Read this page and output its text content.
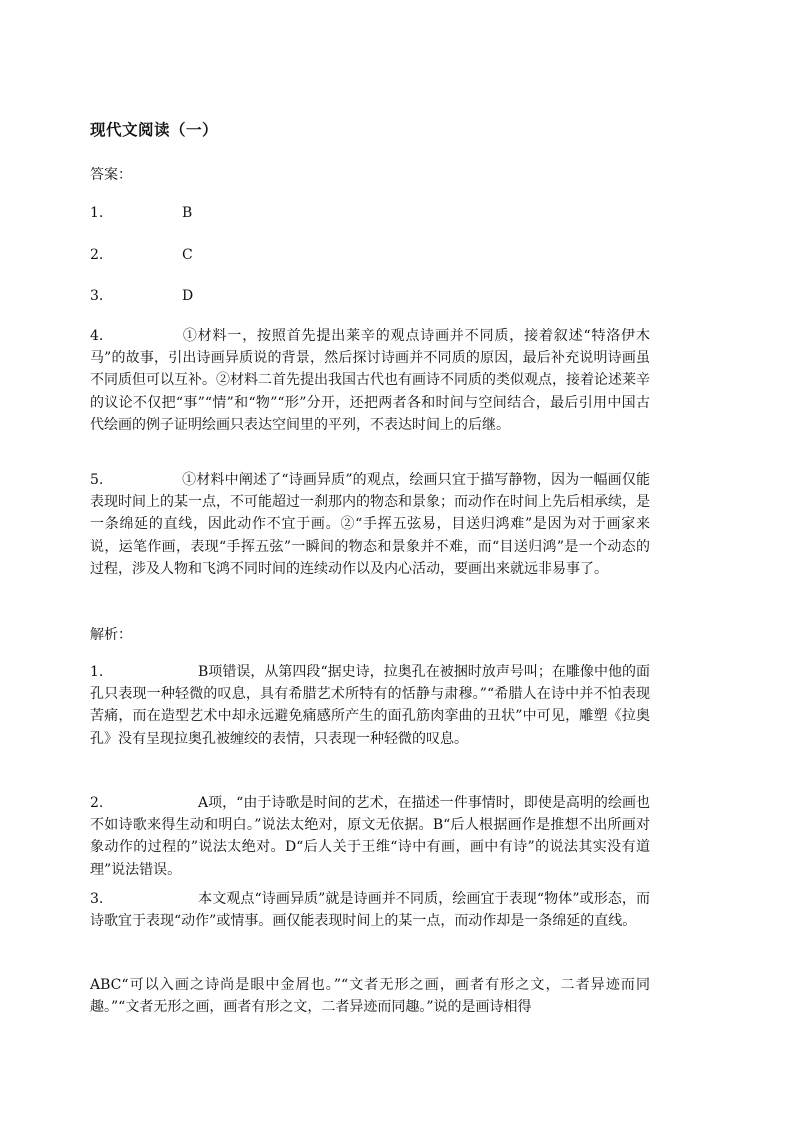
现代文阅读（一）
答案：
1.	B
2.	C
3.	D
4.	①材料一，按照首先提出莱辛的观点诗画并不同质，接着叙述“特洛伊木马”的故事，引出诗画异质说的背景，然后探讨诗画并不同质的原因，最后补充说明诗画虽不同质但可以互补。②材料二首先提出我国古代也有画诗不同质的类似观点，接着论述莱辛的议论不仅把“事”“情”和“物”“形”分开，还把两者各和时间与空间结合，最后引用中国古代绘画的例子证明绘画只表达空间里的平列，不表达时间上的后继。
5.	①材料中阐述了“诗画异质”的观点，绘画只宜于描写静物，因为一幅画仅能表现时间上的某一点，不可能超过一刹那内的物态和景象；而动作在时间上先后相承续，是一条绵延的直线，因此动作不宜于画。②“手挥五弦易，目送归鸿难”是因为对于画家来说，运笔作画，表现“手挥五弦”一瞬间的物态和景象并不难，而“目送归鸿”是一个动态的过程，涉及人物和飞鸿不同时间的连续动作以及内心活动，要画出来就远非易事了。
解析：
1.	B项错误，从第四段“据史诗，拉奥孔在被捆时放声号叫；在雕像中他的面孔只表现一种轻微的叹息，具有希腊艺术所特有的恬静与肃穆。”“希腊人在诗中并不怕表现苦痛，而在造型艺术中却永远避免痛感所产生的面孔筋肉挛曲的丑状”中可见，雕塑《拉奥孔》没有呈现拉奥孔被缠绞的表情，只表现一种轻微的叹息。
2.	A项，“由于诗歌是时间的艺术，在描述一件事情时，即使是高明的绘画也不如诗歌来得生动和明白。”说法太绝对，原文无依据。B“后人根据画作是推想不出所画对象动作的过程的”说法太绝对。D“后人关于王维“诗中有画，画中有诗”的说法其实没有道理”说法错误。
3.	本文观点“诗画异质”就是诗画并不同质，绘画宜于表现“物体”或形态，而诗歌宜于表现“动作”或情事。画仅能表现时间上的某一点，而动作却是一条绵延的直线。
ABC“可以入画之诗尚是眼中金屑也。”“文者无形之画，画者有形之文，二者异迹而同趣。”“文者无形之画，画者有形之文，二者异迹而同趣。”说的是画诗相得
